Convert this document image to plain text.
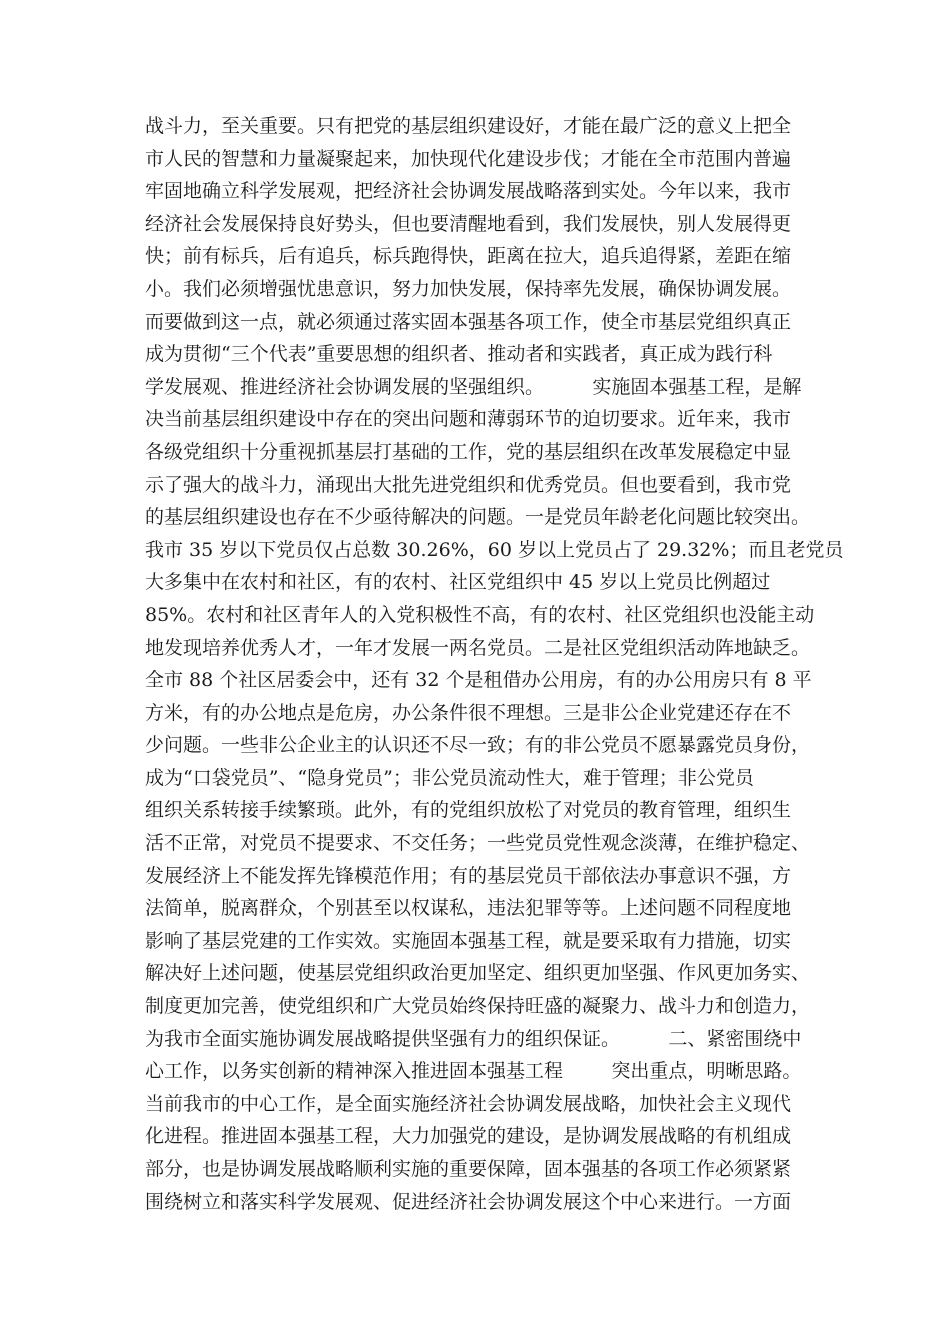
战斗力，至关重要。只有把党的基层组织建设好，才能在最广泛的意义上把全
市人民的智慧和力量凝聚起来，加快现代化建设步伐；才能在全市范围内普遍
牢固地确立科学发展观，把经济社会协调发展战略落到实处。今年以来，我市
经济社会发展保持良好势头，但也要清醒地看到，我们发展快，别人发展得更
快；前有标兵，后有追兵，标兵跑得快，距离在拉大，追兵追得紧，差距在缩
小。我们必须增强忧患意识，努力加快发展，保持率先发展，确保协调发展。
而要做到这一点，就必须通过落实固本强基各项工作，使全市基层党组织真正
成为贯彻“三个代表”重要思想的组织者、推动者和实践者，真正成为践行科
学发展观、推进经济社会协调发展的坚强组织。        实施固本强基工程，是解
决当前基层组织建设中存在的突出问题和薄弱环节的迫切要求。近年来，我市
各级党组织十分重视抓基层打基础的工作，党的基层组织在改革发展稳定中显
示了强大的战斗力，涌现出大批先进党组织和优秀党员。但也要看到，我市党
的基层组织建设也存在不少亟待解决的问题。一是党员年龄老化问题比较突出。
我市 35 岁以下党员仅占总数 30.26%，60 岁以上党员占了 29.32%；而且老党员
大多集中在农村和社区，有的农村、社区党组织中 45 岁以上党员比例超过
85%。农村和社区青年人的入党积极性不高，有的农村、社区党组织也没能主动
地发现培养优秀人才，一年才发展一两名党员。二是社区党组织活动阵地缺乏。
全市 88 个社区居委会中，还有 32 个是租借办公用房，有的办公用房只有 8 平
方米，有的办公地点是危房，办公条件很不理想。三是非公企业党建还存在不
少问题。一些非公企业主的认识还不尽一致；有的非公党员不愿暴露党员身份，
成为“口袋党员”、“隐身党员”；非公党员流动性大，难于管理；非公党员
组织关系转接手续繁琐。此外，有的党组织放松了对党员的教育管理，组织生
活不正常，对党员不提要求、不交任务；一些党员党性观念淡薄，在维护稳定、
发展经济上不能发挥先锋模范作用；有的基层党员干部依法办事意识不强，方
法简单，脱离群众，个别甚至以权谋私，违法犯罪等等。上述问题不同程度地
影响了基层党建的工作实效。实施固本强基工程，就是要采取有力措施，切实
解决好上述问题，使基层党组织政治更加坚定、组织更加坚强、作风更加务实、
制度更加完善，使党组织和广大党员始终保持旺盛的凝聚力、战斗力和创造力，
为我市全面实施协调发展战略提供坚强有力的组织保证。        二、紧密围绕中
心工作，以务实创新的精神深入推进固本强基工程        突出重点，明晰思路。
当前我市的中心工作，是全面实施经济社会协调发展战略，加快社会主义现代
化进程。推进固本强基工程，大力加强党的建设，是协调发展战略的有机组成
部分，也是协调发展战略顺利实施的重要保障，固本强基的各项工作必须紧紧
围绕树立和落实科学发展观、促进经济社会协调发展这个中心来进行。一方面
